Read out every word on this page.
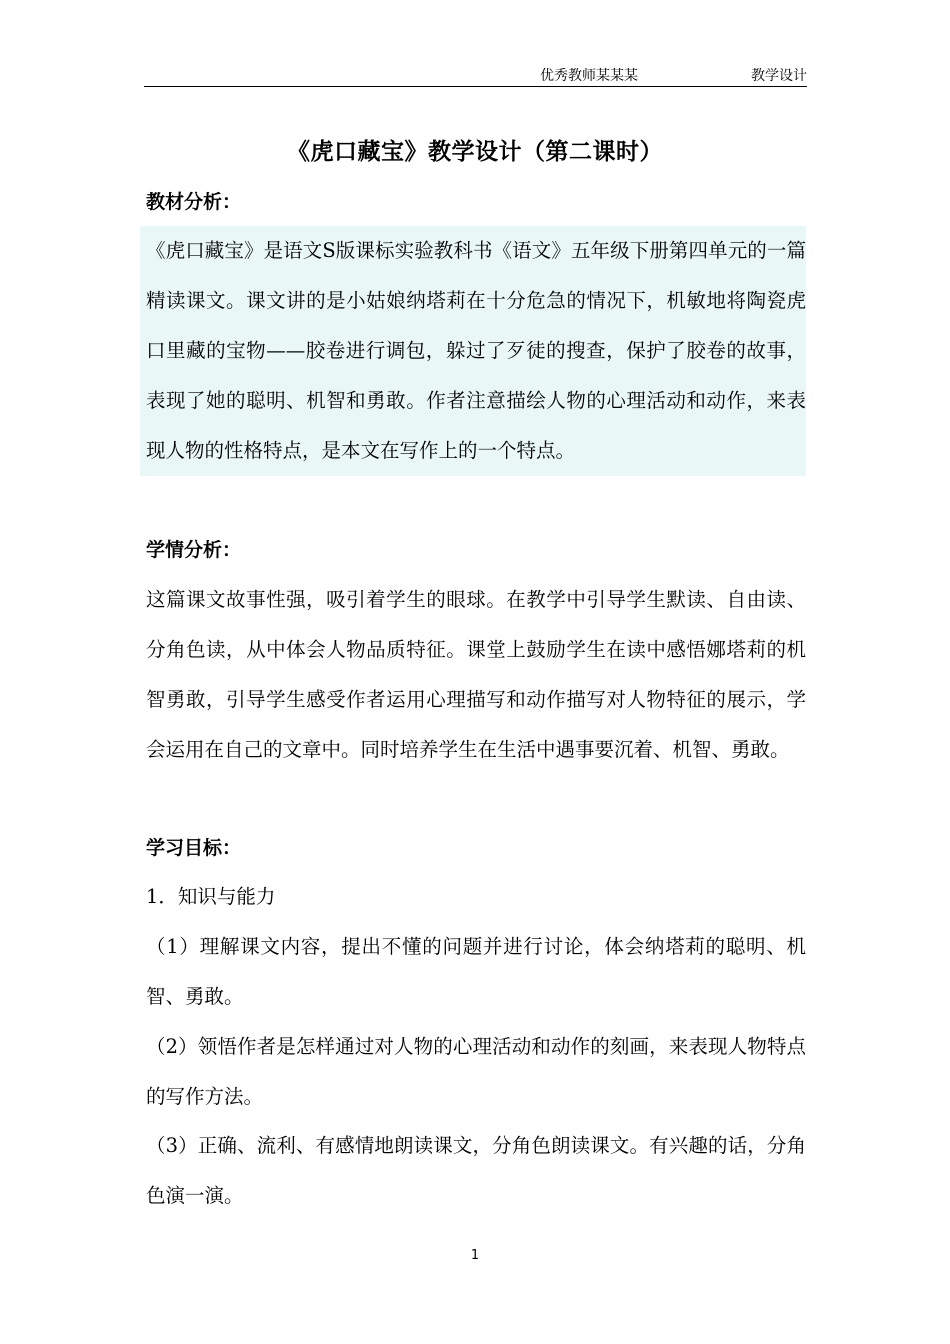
优秀教师某某某	教学设计
《虎口藏宝》教学设计（第二课时）
教材分析：
《虎口藏宝》是语文S版课标实验教科书《语文》五年级下册第四单元的一篇精读课文。课文讲的是小姑娘纳塔莉在十分危急的情况下，机敏地将陶瓷虎口里藏的宝物——胶卷进行调包，躲过了歹徒的搜查，保护了胶卷的故事，表现了她的聪明、机智和勇敢。作者注意描绘人物的心理活动和动作，来表现人物的性格特点，是本文在写作上的一个特点。
学情分析：
这篇课文故事性强，吸引着学生的眼球。在教学中引导学生默读、自由读、分角色读，从中体会人物品质特征。课堂上鼓励学生在读中感悟娜塔莉的机智勇敢，引导学生感受作者运用心理描写和动作描写对人物特征的展示，学会运用在自己的文章中。同时培养学生在生活中遇事要沉着、机智、勇敢。
学习目标：
1．知识与能力
（1）理解课文内容，提出不懂的问题并进行讨论，体会纳塔莉的聪明、机智、勇敢。
（2）领悟作者是怎样通过对人物的心理活动和动作的刻画，来表现人物特点的写作方法。
（3）正确、流利、有感情地朗读课文，分角色朗读课文。有兴趣的话，分角色演一演。
1
